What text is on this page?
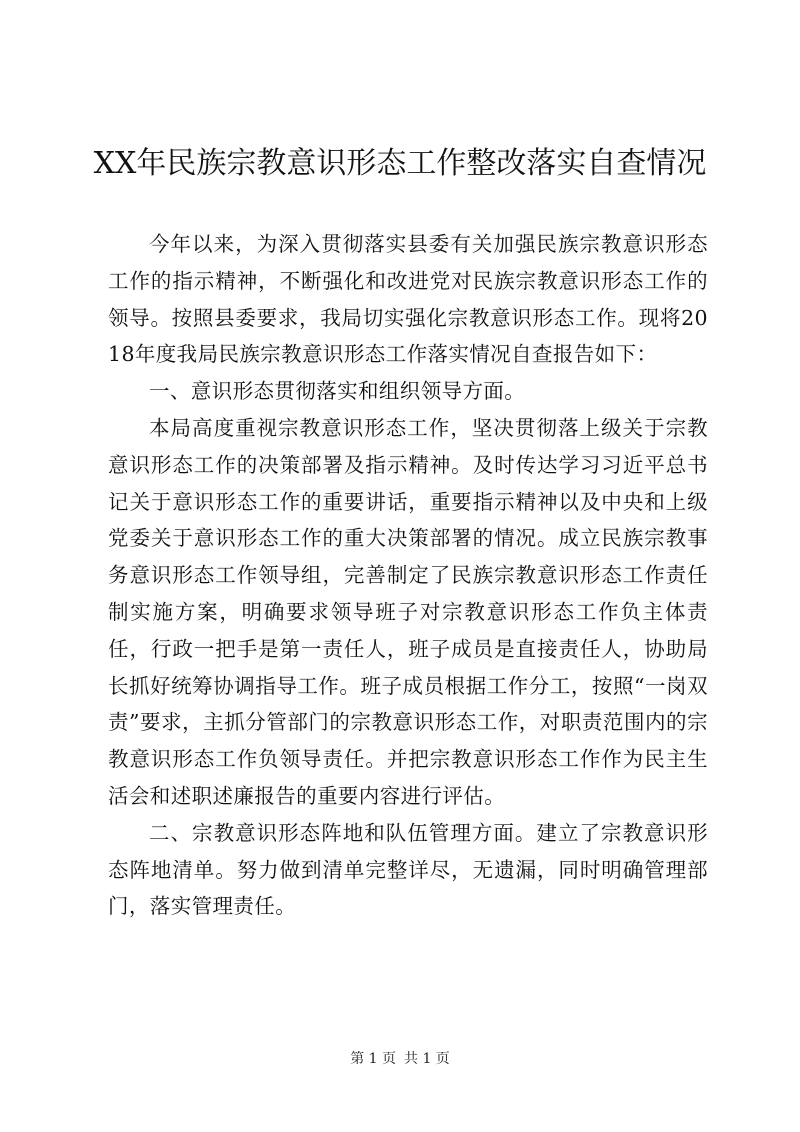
XX年民族宗教意识形态工作整改落实自查情况

今年以来，为深入贯彻落实县委有关加强民族宗教意识形态工作的指示精神，不断强化和改进党对民族宗教意识形态工作的领导。按照县委要求，我局切实强化宗教意识形态工作。现将2018年度我局民族宗教意识形态工作落实情况自查报告如下：

一、意识形态贯彻落实和组织领导方面。

本局高度重视宗教意识形态工作，坚决贯彻落上级关于宗教意识形态工作的决策部署及指示精神。及时传达学习习近平总书记关于意识形态工作的重要讲话，重要指示精神以及中央和上级党委关于意识形态工作的重大决策部署的情况。成立民族宗教事务意识形态工作领导组，完善制定了民族宗教意识形态工作责任制实施方案，明确要求领导班子对宗教意识形态工作负主体责任，行政一把手是第一责任人，班子成员是直接责任人，协助局长抓好统筹协调指导工作。班子成员根据工作分工，按照“一岗双责”要求，主抓分管部门的宗教意识形态工作，对职责范围内的宗教意识形态工作负领导责任。并把宗教意识形态工作作为民主生活会和述职述廉报告的重要内容进行评估。

二、宗教意识形态阵地和队伍管理方面。建立了宗教意识形态阵地清单。努力做到清单完整详尽，无遗漏，同时明确管理部门，落实管理责任。

第 1 页 共 1 页
